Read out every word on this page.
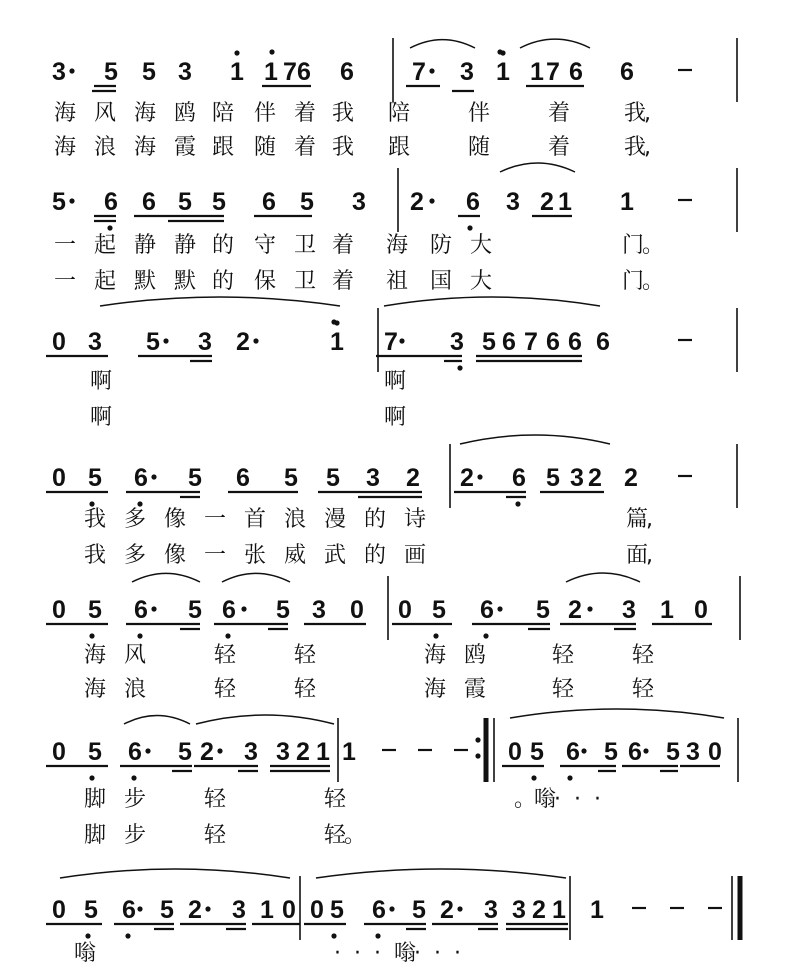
3 5 5 3 1 1 7 6 6 7 3 1 1 7 6 6
海 风 海 鸥 陪 伴 着 我 陪	伴	着 我,
海 浪 海 霞 跟 随 着 我 跟	随	着 我,
5 6 6 5 5 6 5 3 2 6 3 2 1 1
一 起 静 静 的 守 卫 着 海 防 大	门。
一 起 默 默 的 保 卫 着 祖 国 大	门。
0 3 5 3 2	1 7 3 5 6 7 6 6 6
啊	啊
啊	啊
0 5 6 5 6 5 5 3 2 2 6 5 3 2 2
我 多 像 一 首 浪 漫 的 诗	篇,
我 多 像 一 张 威 武 的 画	面,
0 5 6 5 6 5 3 0 0 5 6 5 2 3 1 0
海 风	轻	轻	海 鸥	轻	轻
海 浪	轻	轻	海 霞	轻	轻
0 5 6 5 2 3 3 2 1 1	0 5 6 5 6 5 3 0
脚 步	轻	轻	。嗡· · ·
脚 步	轻	轻。
0 5 6 5 2 3 1 0 0 5 6 5 2 3 3 2 1 1
嗡	· · · 嗡· · ·
